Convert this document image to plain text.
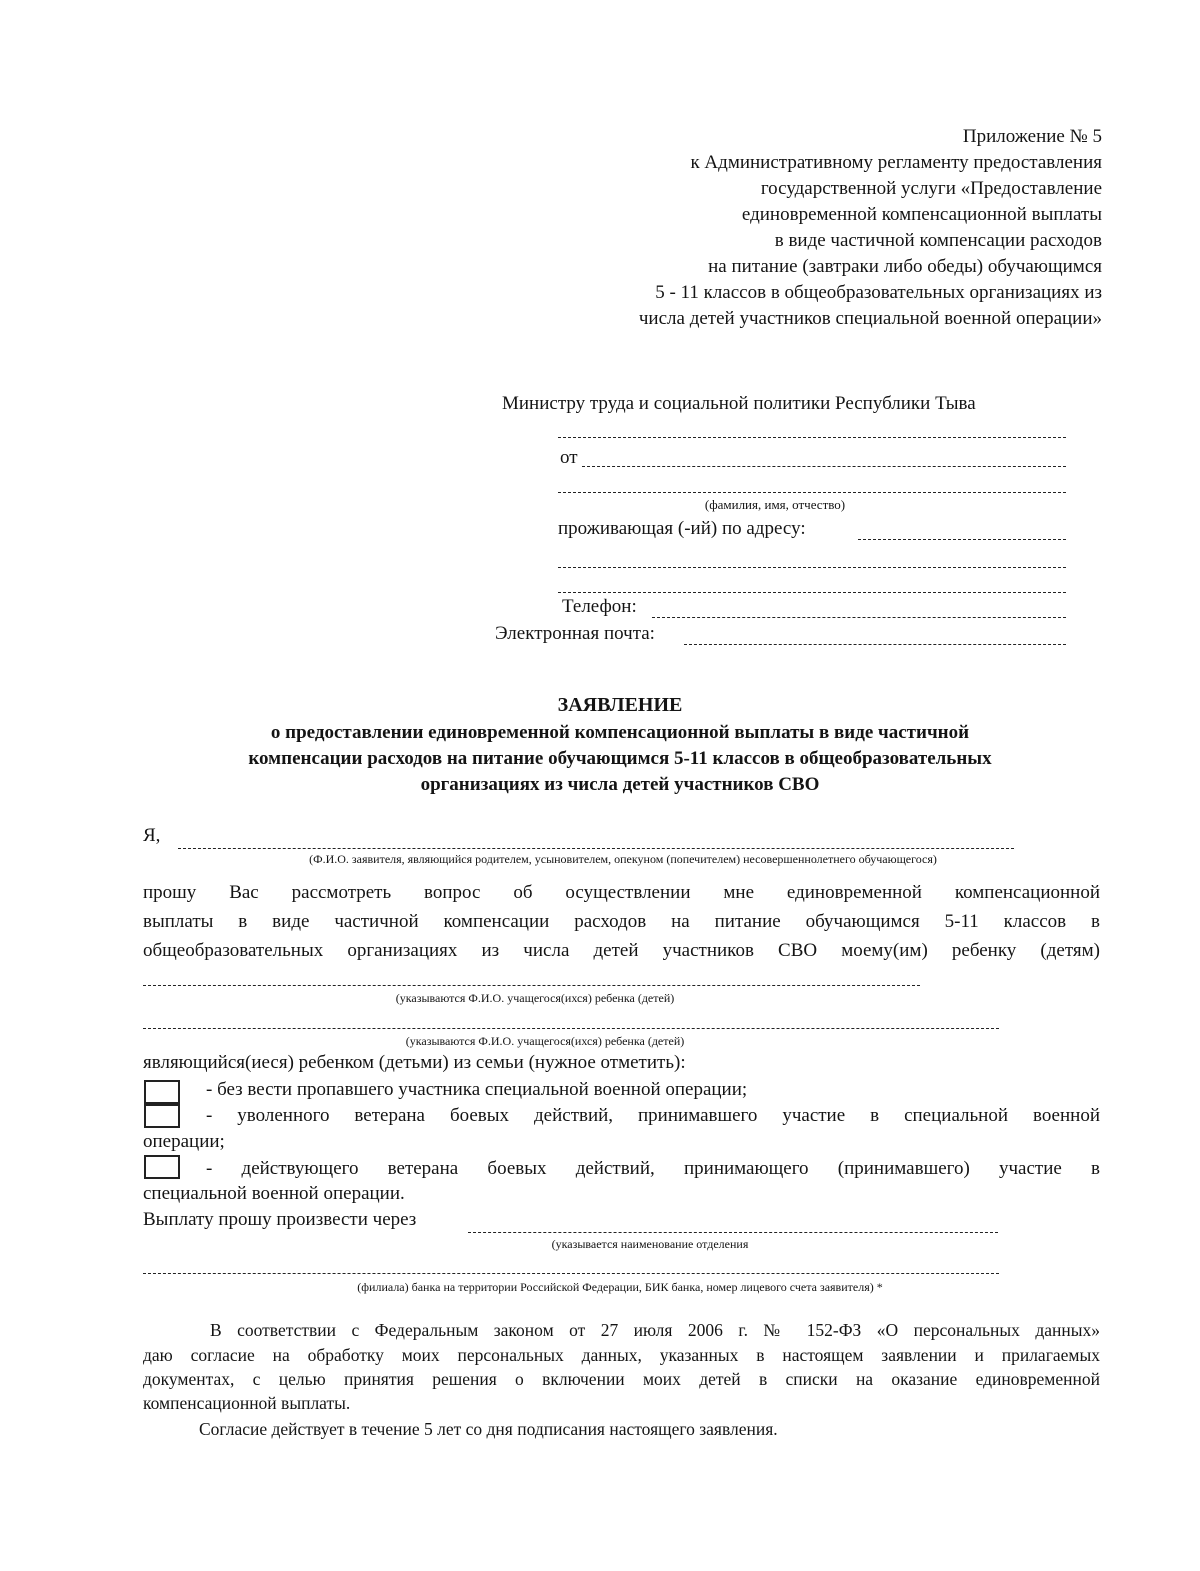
Приложение № 5
к Административному регламенту предоставления
государственной услуги «Предоставление
единовременной компенсационной выплаты
в виде частичной компенсации расходов
на питание (завтраки либо обеды) обучающимся
5 - 11 классов в общеобразовательных организациях из
числа детей участников специальной военной операции»
Министру труда и социальной политики Республики Тыва
от
(фамилия, имя, отчество)
проживающая (-ий) по адресу:
Телефон:
Электронная почта:
ЗАЯВЛЕНИЕ
о предоставлении единовременной компенсационной выплаты в виде частичной
компенсации расходов на питание обучающимся 5-11 классов в общеобразовательных
организациях из числа детей участников СВО
Я,
(Ф.И.О. заявителя, являющийся родителем, усыновителем, опекуном (попечителем) несовершеннолетнего обучающегося)
прошу Вас рассмотреть вопрос об осуществлении мне единовременной компенсационной
выплаты в виде частичной компенсации расходов на питание обучающимся 5-11 классов в
общеобразовательных организациях из числа детей участников СВО моему(им) ребенку (детям)
(указываются Ф.И.О. учащегося(ихся) ребенка (детей)
(указываются Ф.И.О. учащегося(ихся) ребенка (детей)
являющийся(иеся) ребенком (детьми) из семьи (нужное отметить):
- без вести пропавшего участника специальной военной операции;
- уволенного ветерана боевых действий, принимавшего участие в специальной военной
операции;
- действующего ветерана боевых действий, принимающего (принимавшего) участие в
специальной военной операции.
Выплату прошу произвести через
(указывается наименование отделения
(филиала) банка на территории Российской Федерации, БИК банка, номер лицевого счета заявителя) *
В соответствии с Федеральным законом от 27 июля 2006 г. № 152-ФЗ «О персональных данных»
даю согласие на обработку моих персональных данных, указанных в настоящем заявлении и прилагаемых
документах, с целью принятия решения о включении моих детей в списки на оказание единовременной
компенсационной выплаты.
Согласие действует в течение 5 лет со дня подписания настоящего заявления.
